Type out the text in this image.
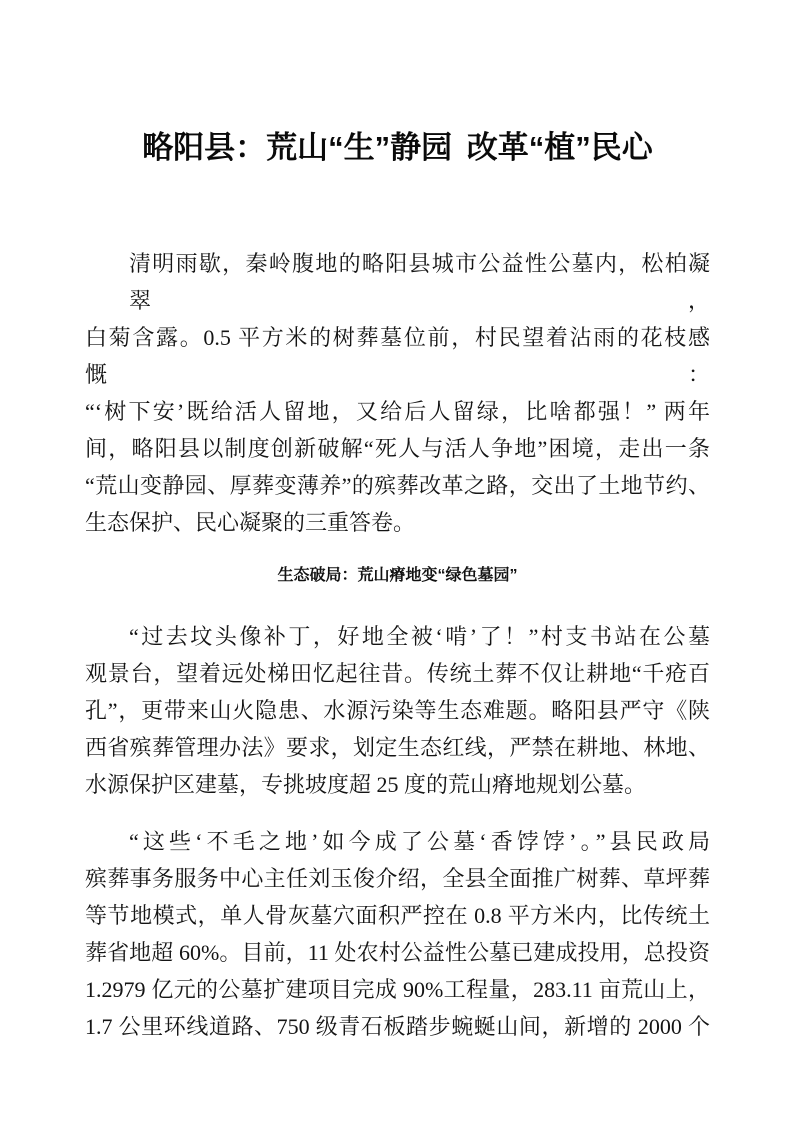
略阳县：荒山“生”静园 改革“植”民心
清明雨歇，秦岭腹地的略阳县城市公益性公墓内，松柏凝翠，
白菊含露。0.5 平方米的树葬墓位前，村民望着沾雨的花枝感慨：
“‘树下安’既给活人留地，又给后人留绿，比啥都强！” 两年
间，略阳县以制度创新破解“死人与活人争地”困境，走出一条
“荒山变静园、厚葬变薄养”的殡葬改革之路，交出了土地节约、
生态保护、民心凝聚的三重答卷。
生态破局：荒山瘠地变“绿色墓园”
“过去坟头像补丁，好地全被‘啃’了！”村支书站在公墓
观景台，望着远处梯田忆起往昔。传统土葬不仅让耕地“千疮百
孔”，更带来山火隐患、水源污染等生态难题。略阳县严守《陕
西省殡葬管理办法》要求，划定生态红线，严禁在耕地、林地、
水源保护区建墓，专挑坡度超 25 度的荒山瘠地规划公墓。
“这些‘不毛之地’如今成了公墓‘香饽饽’。”县民政局
殡葬事务服务中心主任刘玉俊介绍，全县全面推广树葬、草坪葬
等节地模式，单人骨灰墓穴面积严控在 0.8 平方米内，比传统土
葬省地超 60%。目前，11 处农村公益性公墓已建成投用，总投资
1.2979 亿元的公墓扩建项目完成 90%工程量，283.11 亩荒山上，
1.7 公里环线道路、750 级青石板踏步蜿蜒山间，新增的 2000 个
